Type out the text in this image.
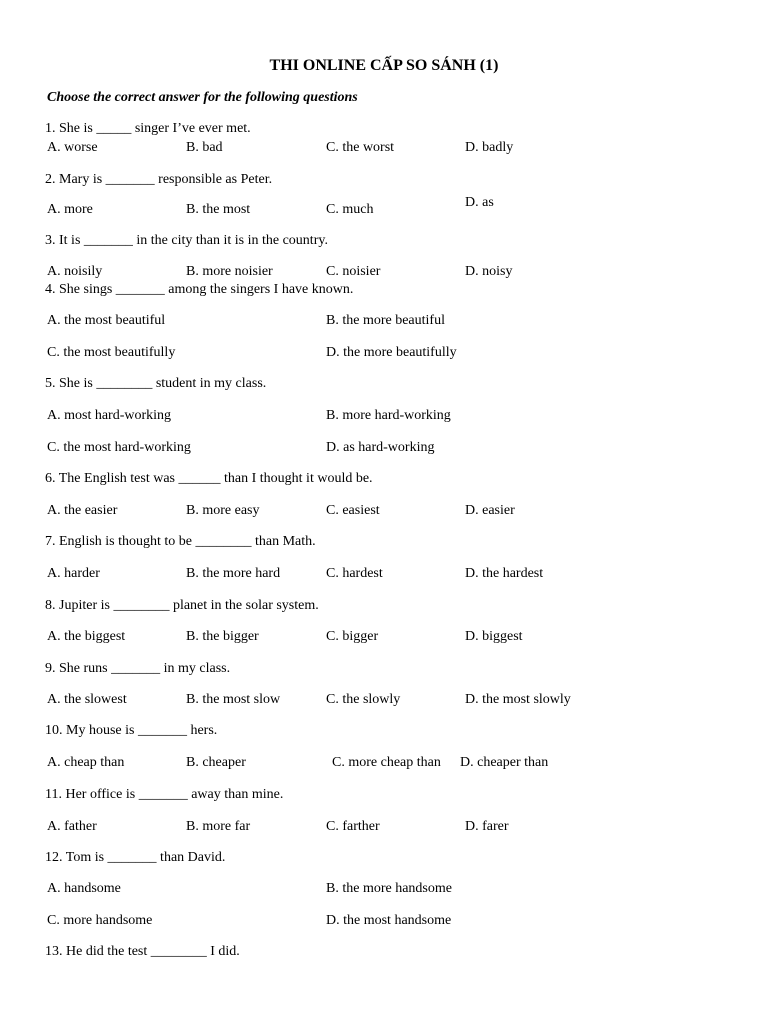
THI ONLINE CẤP SO SÁNH (1)
Choose the correct answer for the following questions
1. She is _____ singer I’ve ever met.
A. worse	B. bad	C. the worst	D. badly
2. Mary is _______ responsible as Peter.
A. more	B. the most	C. much	D. as
3. It is _______ in the city than it is in the country.
A. noisily	B. more noisier	C. noisier	D. noisy
4. She sings _______ among the singers I have known.
A. the most beautiful	B. the more beautiful
C. the most beautifully	D. the more beautifully
5. She is ________ student in my class.
A. most hard-working	B. more hard-working
C. the most hard-working	D. as hard-working
6. The English test was ______ than I thought it would be.
A. the easier	B. more easy	C. easiest	D. easier
7. English is thought to be ________ than Math.
A. harder	B. the more hard	C. hardest	D. the hardest
8. Jupiter is ________ planet in the solar system.
A. the biggest	B. the bigger	C. bigger	D. biggest
9. She runs _______ in my class.
A. the slowest	B. the most slow	C. the slowly	D. the most slowly
10. My house is _______ hers.
A. cheap than	B. cheaper	C. more cheap than D. cheaper than
11. Her office is _______ away than mine.
A. father	B. more far	C. farther	D. farer
12. Tom is _______ than David.
A. handsome	B. the more handsome
C. more handsome	D. the most handsome
13. He did the test ________ I did.
